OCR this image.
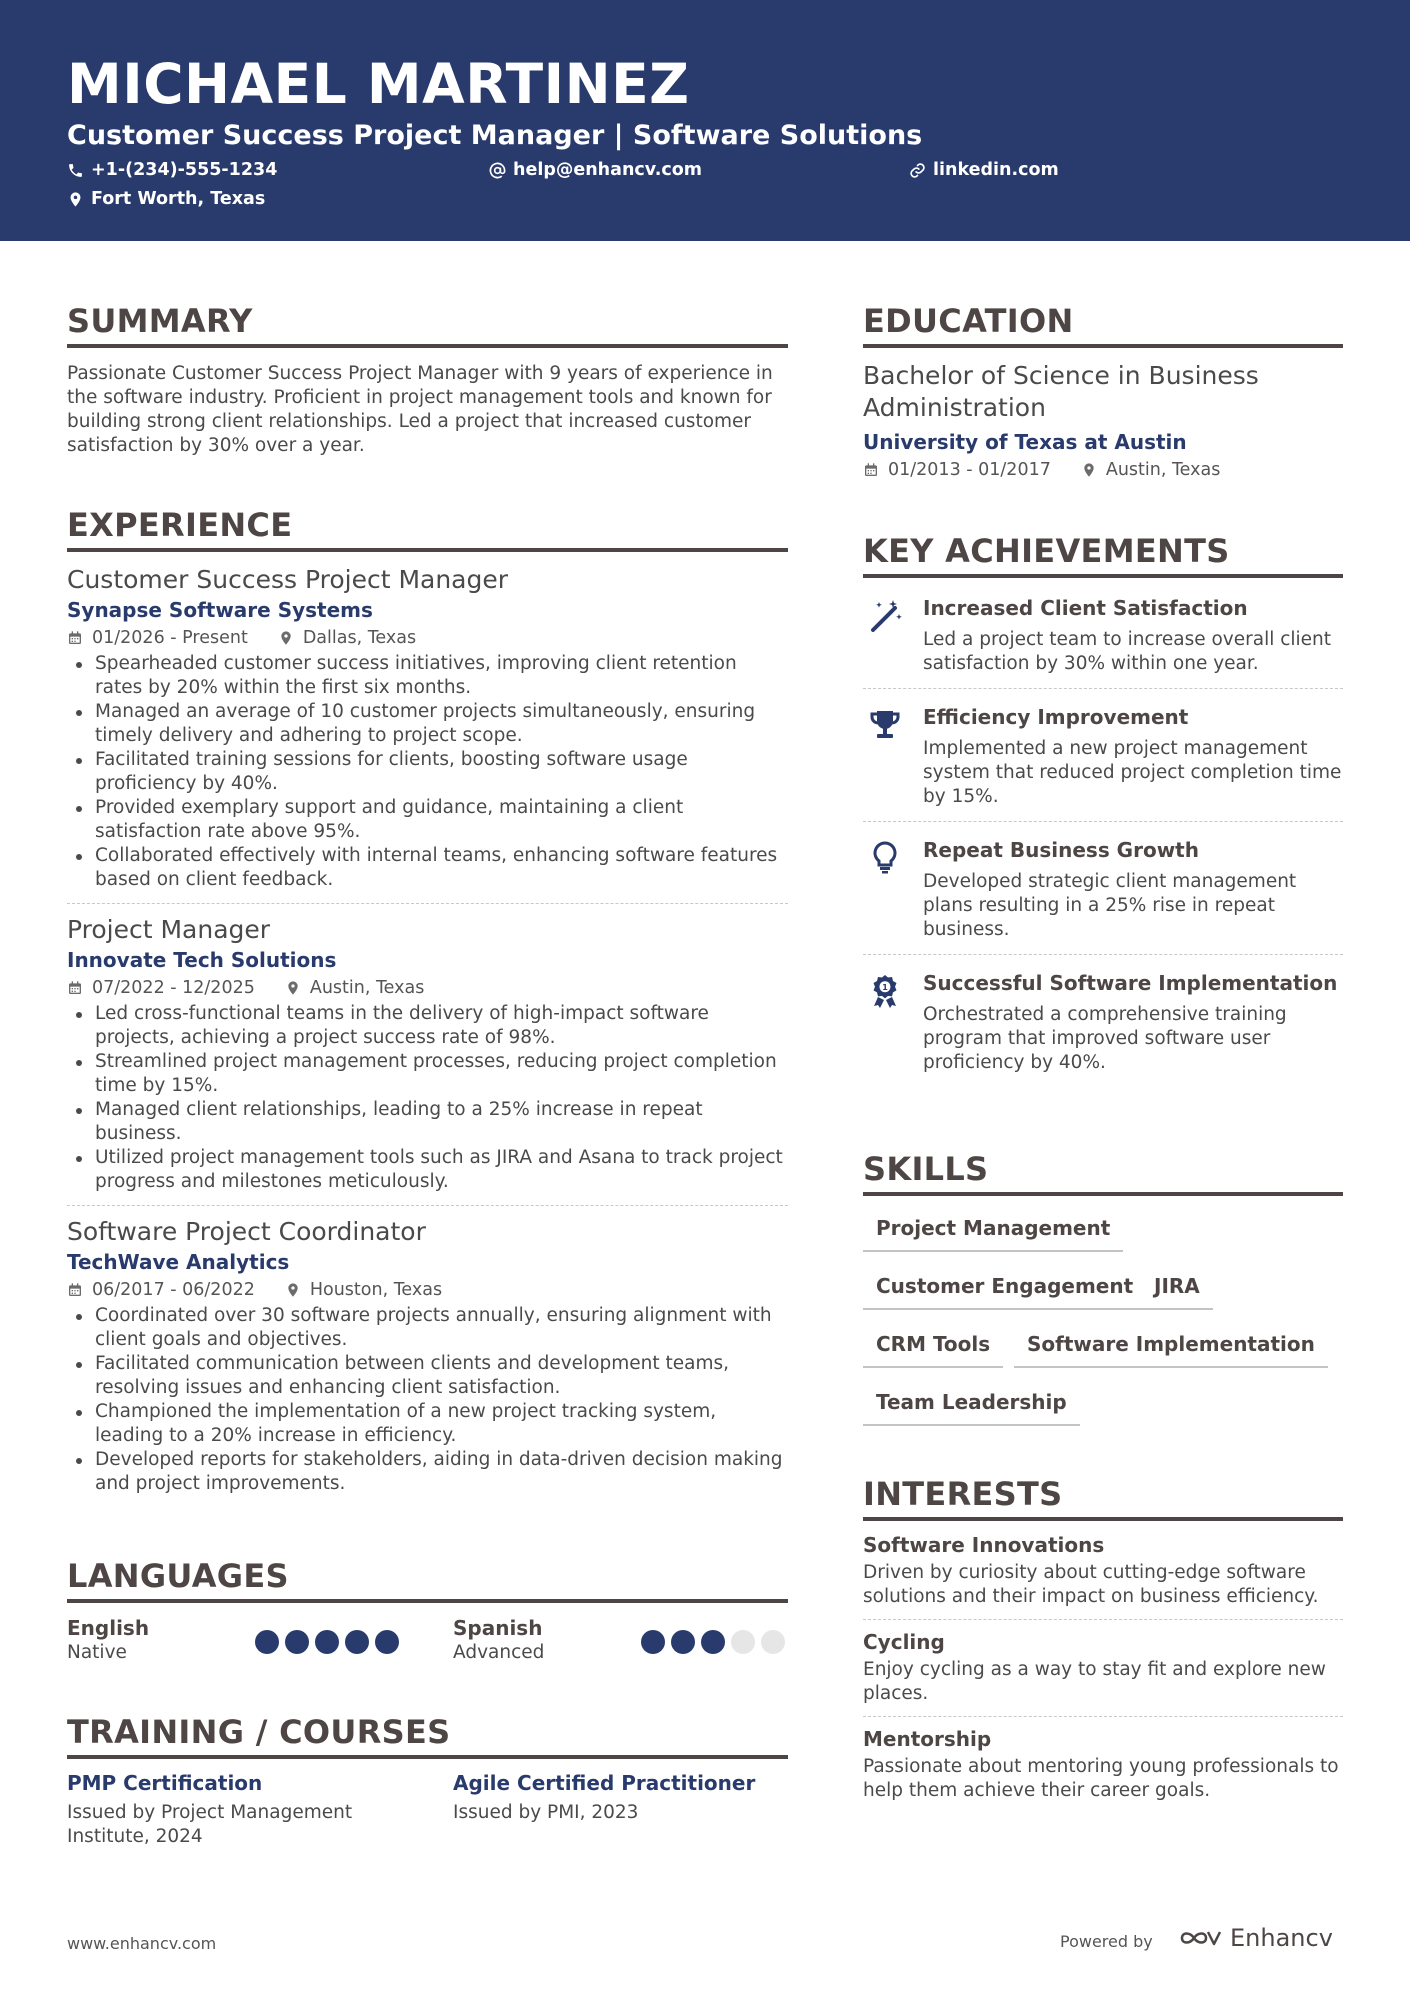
MICHAEL MARTINEZ
Customer Success Project Manager | Software Solutions
+1-(234)-555-1234	help@enhancv.com	linkedin.com
Fort Worth, Texas
SUMMARY
Passionate Customer Success Project Manager with 9 years of experience in the software industry. Proficient in project management tools and known for building strong client relationships. Led a project that increased customer satisfaction by 30% over a year.
EXPERIENCE
Customer Success Project Manager
Synapse Software Systems
01/2026 - Present	Dallas, Texas
Spearheaded customer success initiatives, improving client retention rates by 20% within the first six months.
Managed an average of 10 customer projects simultaneously, ensuring timely delivery and adhering to project scope.
Facilitated training sessions for clients, boosting software usage proficiency by 40%.
Provided exemplary support and guidance, maintaining a client satisfaction rate above 95%.
Collaborated effectively with internal teams, enhancing software features based on client feedback.
Project Manager
Innovate Tech Solutions
07/2022 - 12/2025	Austin, Texas
Led cross-functional teams in the delivery of high-impact software projects, achieving a project success rate of 98%.
Streamlined project management processes, reducing project completion time by 15%.
Managed client relationships, leading to a 25% increase in repeat business.
Utilized project management tools such as JIRA and Asana to track project progress and milestones meticulously.
Software Project Coordinator
TechWave Analytics
06/2017 - 06/2022	Houston, Texas
Coordinated over 30 software projects annually, ensuring alignment with client goals and objectives.
Facilitated communication between clients and development teams, resolving issues and enhancing client satisfaction.
Championed the implementation of a new project tracking system, leading to a 20% increase in efficiency.
Developed reports for stakeholders, aiding in data-driven decision making and project improvements.
LANGUAGES
English
Native
Spanish
Advanced
TRAINING / COURSES
PMP Certification
Issued by Project Management Institute, 2024
Agile Certified Practitioner
Issued by PMI, 2023
EDUCATION
Bachelor of Science in Business Administration
University of Texas at Austin
01/2013 - 01/2017	Austin, Texas
KEY ACHIEVEMENTS
Increased Client Satisfaction
Led a project team to increase overall client satisfaction by 30% within one year.
Efficiency Improvement
Implemented a new project management system that reduced project completion time by 15%.
Repeat Business Growth
Developed strategic client management plans resulting in a 25% rise in repeat business.
1 Successful Software Implementation
Orchestrated a comprehensive training program that improved software user proficiency by 40%.
SKILLS
Project Management
Customer Engagement	JIRA
CRM Tools	Software Implementation
Team Leadership
INTERESTS
Software Innovations
Driven by curiosity about cutting-edge software solutions and their impact on business efficiency.
Cycling
Enjoy cycling as a way to stay fit and explore new places.
Mentorship
Passionate about mentoring young professionals to help them achieve their career goals.
www.enhancv.com	Powered by	Enhancv
